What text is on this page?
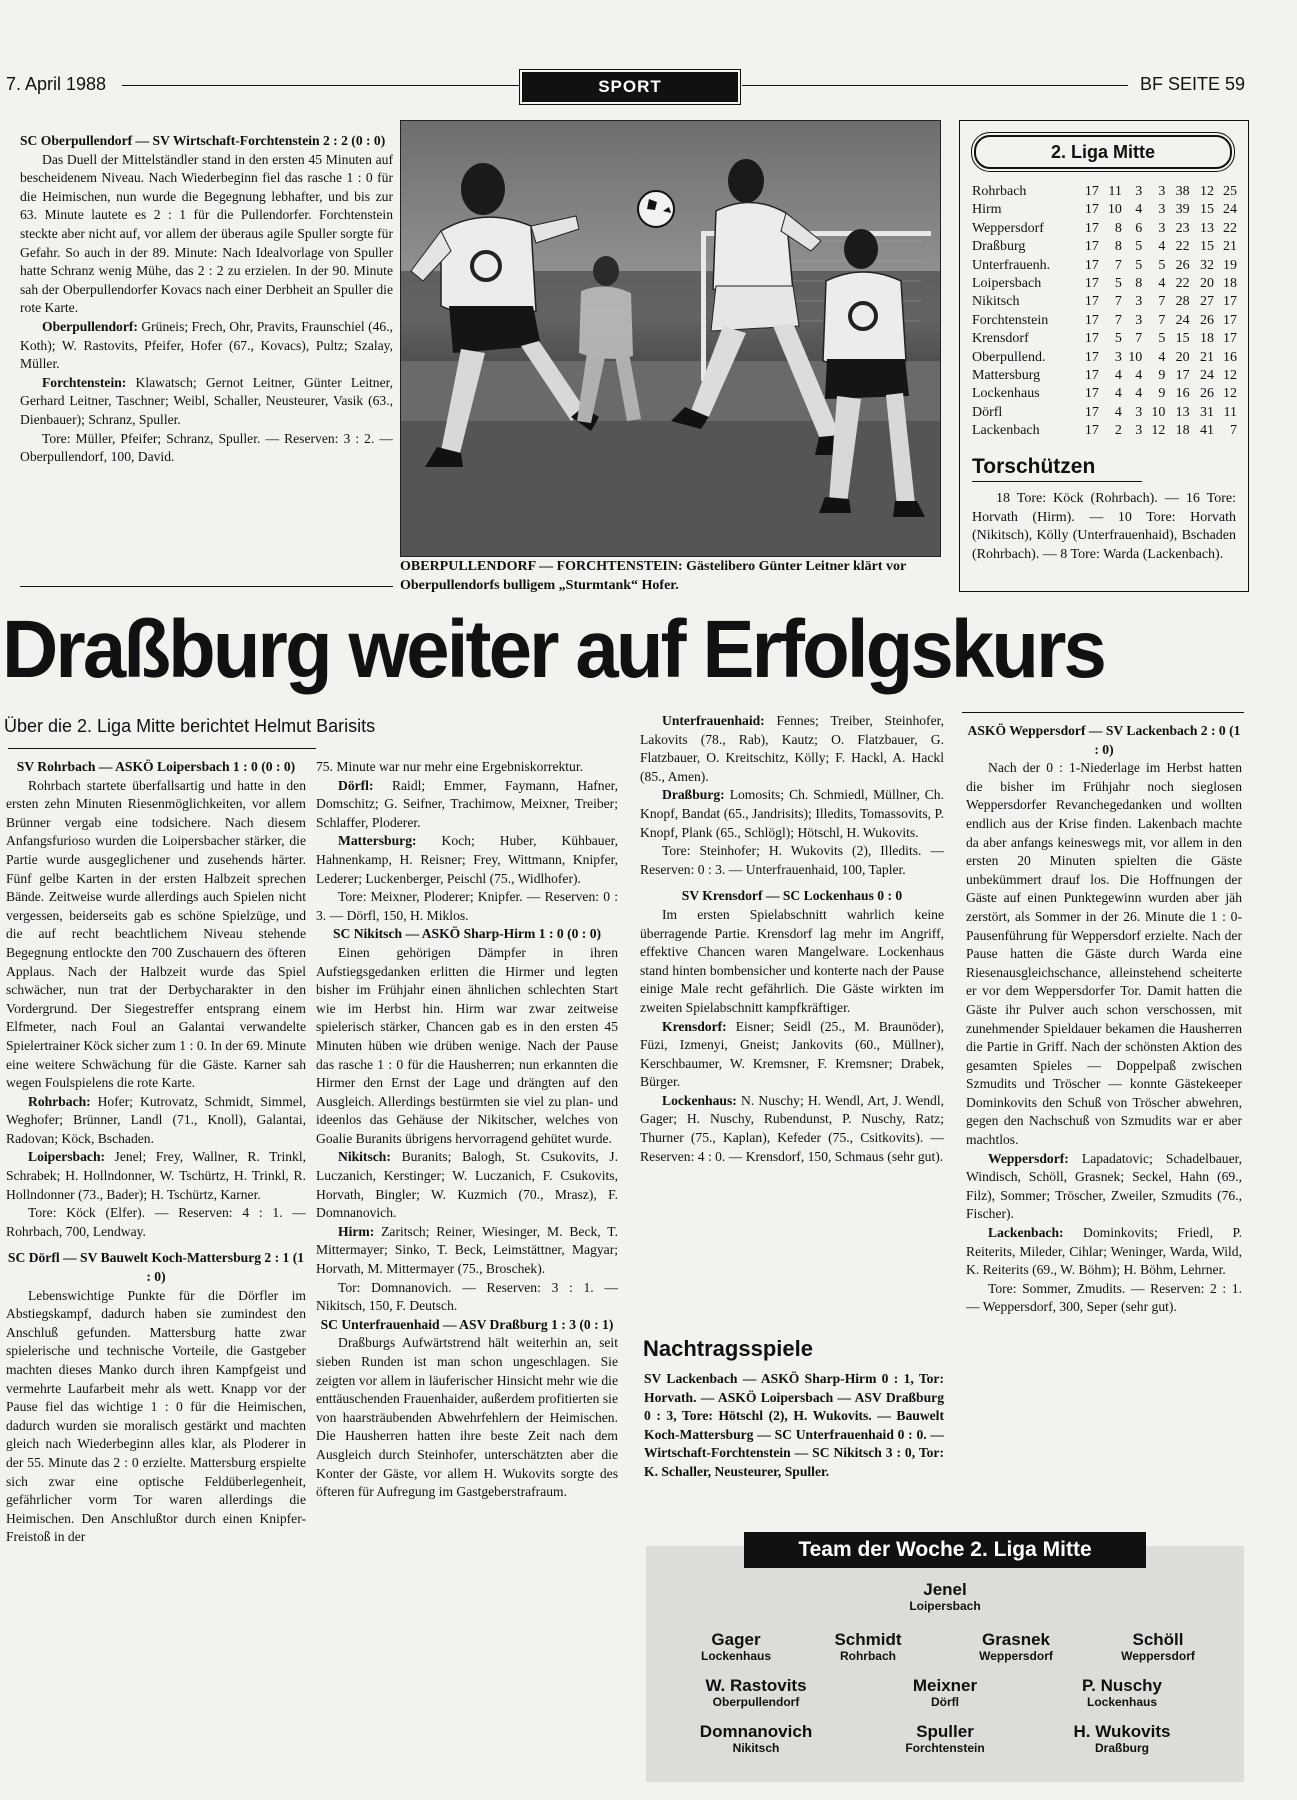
7. April 1988	SPORT	BF SEITE 59

SC Oberpullendorf — SV Wirtschaft-Forchtenstein 2 : 2 (0 : 0)

Das Duell der Mittelständler stand in den ersten 45 Minuten auf bescheidenem Niveau. Nach Wiederbeginn fiel das rasche 1 : 0 für die Heimischen, nun wurde die Begegnung lebhafter, und bis zur 63. Minute lautete es 2 : 1 für die Pullendorfer. Forchtenstein steckte aber nicht auf, vor allem der überaus agile Spuller sorgte für Gefahr. So auch in der 89. Minute: Nach Idealvorlage von Spuller hatte Schranz wenig Mühe, das 2 : 2 zu erzielen. In der 90. Minute sah der Oberpullendorfer Kovacs nach einer Derbheit an Spuller die rote Karte.

Oberpullendorf: Grüneis; Frech, Ohr, Pravits, Fraunschiel (46., Koth); W. Rastovits, Pfeifer, Hofer (67., Kovacs), Pultz; Szalay, Müller.

Forchtenstein: Klawatsch; Gernot Leitner, Günter Leitner, Gerhard Leitner, Taschner; Weibl, Schaller, Neusteurer, Vasik (63., Dienbauer); Schranz, Spuller.

Tore: Müller, Pfeifer; Schranz, Spuller. — Reserven: 3 : 2. — Oberpullendorf, 100, David.

OBERPULLENDORF — FORCHTENSTEIN: Gästelibero Günter Leitner klärt vor Oberpullendorfs bulligem „Sturmtank“ Hofer.
2. Liga Mitte
Rohrbach	17	11	3	3	38	12	25
Hirm	17	10	4	3	39	15	24
Weppersdorf	17	8	6	3	23	13	22
Draßburg	17	8	5	4	22	15	21
Unterfrauenh.	17	7	5	5	26	32	19
Loipersbach	17	5	8	4	22	20	18
Nikitsch	17	7	3	7	28	27	17
Forchtenstein	17	7	3	7	24	26	17
Krensdorf	17	5	7	5	15	18	17
Oberpullend.	17	3	10	4	20	21	16
Mattersburg	17	4	4	9	17	24	12
Lockenhaus	17	4	4	9	16	26	12
Dörfl	17	4	3	10	13	31	11
Lackenbach	17	2	3	12	18	41	7
Torschützen
18 Tore: Köck (Rohrbach). — 16 Tore: Horvath (Hirm). — 10 Tore: Horvath (Nikitsch), Kölly (Unterfrauenhaid), Bschaden (Rohrbach). — 8 Tore: Warda (Lackenbach).
Draßburg weiter auf Erfolgskurs
Über die 2. Liga Mitte berichtet Helmut Barisits

SV Rohrbach — ASKÖ Loipersbach 1 : 0 (0 : 0)

Rohrbach startete überfallsartig und hatte in den ersten zehn Minuten Riesenmöglichkeiten, vor allem Brünner vergab eine todsichere. Nach diesem Anfangsfurioso wurden die Loipersbacher stärker, die Partie wurde ausgeglichener und zusehends härter. Fünf gelbe Karten in der ersten Halbzeit sprechen Bände. Zeitweise wurde allerdings auch Spielen nicht vergessen, beiderseits gab es schöne Spielzüge, und die auf recht beachtlichem Niveau stehende Begegnung entlockte den 700 Zuschauern des öfteren Applaus. Nach der Halbzeit wurde das Spiel schwächer, nun trat der Derbycharakter in den Vordergrund. Der Siegestreffer entsprang einem Elfmeter, nach Foul an Galantai verwandelte Spielertrainer Köck sicher zum 1 : 0. In der 69. Minute eine weitere Schwächung für die Gäste. Karner sah wegen Foulspielens die rote Karte.

Rohrbach: Hofer; Kutrovatz, Schmidt, Simmel, Weghofer; Brünner, Landl (71., Knoll), Galantai, Radovan; Köck, Bschaden.

Loipersbach: Jenel; Frey, Wallner, R. Trinkl, Schrabek; H. Hollndonner, W. Tschürtz, H. Trinkl, R. Hollndonner (73., Bader); H. Tschürtz, Karner.

Tore: Köck (Elfer). — Reserven: 4 : 1. — Rohrbach, 700, Lendway.

SC Dörfl — SV Bauwelt Koch-Mattersburg 2 : 1 (1 : 0)

Lebenswichtige Punkte für die Dörfler im Abstiegskampf, dadurch haben sie zumindest den Anschluß gefunden. Mattersburg hatte zwar spielerische und technische Vorteile, die Gastgeber machten dieses Manko durch ihren Kampfgeist und vermehrte Laufarbeit mehr als wett. Knapp vor der Pause fiel das wichtige 1 : 0 für die Heimischen, dadurch wurden sie moralisch gestärkt und machten gleich nach Wiederbeginn alles klar, als Ploderer in der 55. Minute das 2 : 0 erzielte. Mattersburg erspielte sich zwar eine optische Feldüberlegenheit, gefährlicher vorm Tor waren allerdings die Heimischen. Den Anschlußtor durch einen Knipfer-Freistoß in der

75. Minute war nur mehr eine Ergebniskorrektur.

Dörfl: Raidl; Emmer, Faymann, Hafner, Domschitz; G. Seifner, Trachimow, Meixner, Treiber; Schlaffer, Ploderer.

Mattersburg: Koch; Huber, Kühbauer, Hahnenkamp, H. Reisner; Frey, Wittmann, Knipfer, Lederer; Luckenberger, Peischl (75., Widlhofer).

Tore: Meixner, Ploderer; Knipfer. — Reserven: 0 : 3. — Dörfl, 150, H. Miklos.

SC Nikitsch — ASKÖ Sharp-Hirm 1 : 0 (0 : 0)

Einen gehörigen Dämpfer in ihren Aufstiegsgedanken erlitten die Hirmer und legten bisher im Frühjahr einen ähnlichen schlechten Start wie im Herbst hin. Hirm war zwar zeitweise spielerisch stärker, Chancen gab es in den ersten 45 Minuten hüben wie drüben wenige. Nach der Pause das rasche 1 : 0 für die Hausherren; nun erkannten die Hirmer den Ernst der Lage und drängten auf den Ausgleich. Allerdings bestürmten sie viel zu plan- und ideenlos das Gehäuse der Nikitscher, welches von Goalie Buranits übrigens hervorragend gehütet wurde.

Nikitsch: Buranits; Balogh, St. Csukovits, J. Luczanich, Kerstinger; W. Luczanich, F. Csukovits, Horvath, Bingler; W. Kuzmich (70., Mrasz), F. Domnanovich.

Hirm: Zaritsch; Reiner, Wiesinger, M. Beck, T. Mittermayer; Sinko, T. Beck, Leimstättner, Magyar; Horvath, M. Mittermayer (75., Broschek).

Tor: Domnanovich. — Reserven: 3 : 1. — Nikitsch, 150, F. Deutsch.

SC Unterfrauenhaid — ASV Draßburg 1 : 3 (0 : 1)

Draßburgs Aufwärtstrend hält weiterhin an, seit sieben Runden ist man schon ungeschlagen. Sie zeigten vor allem in läuferischer Hinsicht mehr wie die enttäuschenden Frauenhaider, außerdem profitierten sie von haarsträubenden Abwehrfehlern der Heimischen. Die Hausherren hatten ihre beste Zeit nach dem Ausgleich durch Steinhofer, unterschätzten aber die Konter der Gäste, vor allem H. Wukovits sorgte des öfteren für Aufregung im Gastgeberstrafraum.

Unterfrauenhaid: Fennes; Treiber, Steinhofer, Lakovits (78., Rab), Kautz; O. Flatzbauer, G. Flatzbauer, O. Kreitschitz, Kölly; F. Hackl, A. Hackl (85., Amen).

Draßburg: Lomosits; Ch. Schmiedl, Müllner, Ch. Knopf, Bandat (65., Jandrisits); Illedits, Tomassovits, P. Knopf, Plank (65., Schlögl); Hötschl, H. Wukovits.

Tore: Steinhofer; H. Wukovits (2), Illedits. — Reserven: 0 : 3. — Unterfrauenhaid, 100, Tapler.

SV Krensdorf — SC Lockenhaus 0 : 0

Im ersten Spielabschnitt wahrlich keine überragende Partie. Krensdorf lag mehr im Angriff, effektive Chancen waren Mangelware. Lockenhaus stand hinten bombensicher und konterte nach der Pause einige Male recht gefährlich. Die Gäste wirkten im zweiten Spielabschnitt kampfkräftiger.

Krensdorf: Eisner; Seidl (25., M. Braunöder), Füzi, Izmenyi, Gneist; Jankovits (60., Müllner), Kerschbaumer, W. Kremsner, F. Kremsner; Drabek, Bürger.

Lockenhaus: N. Nuschy; H. Wendl, Art, J. Wendl, Gager; H. Nuschy, Rubendunst, P. Nuschy, Ratz; Thurner (75., Kaplan), Kefeder (75., Csitkovits). — Reserven: 4 : 0. — Krensdorf, 150, Schmaus (sehr gut).

Nachtragsspiele
SV Lackenbach — ASKÖ Sharp-Hirm 0 : 1, Tor: Horvath. — ASKÖ Loipersbach — ASV Draßburg 0 : 3, Tore: Hötschl (2), H. Wukovits. — Bauwelt Koch-Mattersburg — SC Unterfrauenhaid 0 : 0. — Wirtschaft-Forchtenstein — SC Nikitsch 3 : 0, Tor: K. Schaller, Neusteurer, Spuller.

ASKÖ Weppersdorf — SV Lackenbach 2 : 0 (1 : 0)

Nach der 0 : 1-Niederlage im Herbst hatten die bisher im Frühjahr noch sieglosen Weppersdorfer Revanchegedanken und wollten endlich aus der Krise finden. Lakenbach machte da aber anfangs keineswegs mit, vor allem in den ersten 20 Minuten spielten die Gäste unbekümmert drauf los. Die Hoffnungen der Gäste auf einen Punktegewinn wurden aber jäh zerstört, als Sommer in der 26. Minute die 1 : 0-Pausenführung für Weppersdorf erzielte. Nach der Pause hatten die Gäste durch Warda eine Riesenausgleichschance, alleinstehend scheiterte er vor dem Weppersdorfer Tor. Damit hatten die Gäste ihr Pulver auch schon verschossen, mit zunehmender Spieldauer bekamen die Hausherren die Partie in Griff. Nach der schönsten Aktion des gesamten Spieles — Doppelpaß zwischen Szmudits und Tröscher — konnte Gästekeeper Dominkovits den Schuß von Tröscher abwehren, gegen den Nachschuß von Szmudits war er aber machtlos.

Weppersdorf: Lapadatovic; Schadelbauer, Windisch, Schöll, Grasnek; Seckel, Hahn (69., Filz), Sommer; Tröscher, Zweiler, Szmudits (76., Fischer).

Lackenbach: Dominkovits; Friedl, P. Reiterits, Mileder, Cihlar; Weninger, Warda, Wild, K. Reiterits (69., W. Böhm); H. Böhm, Lehrner.

Tore: Sommer, Zmudits. — Reserven: 2 : 1. — Weppersdorf, 300, Seper (sehr gut).

Team der Woche 2. Liga Mitte
Jenel
Loipersbach
Gager
Lockenhaus
Schmidt
Rohrbach
Grasnek
Weppersdorf
Schöll
Weppersdorf
W. Rastovits
Oberpullendorf
Meixner
Dörfl
P. Nuschy
Lockenhaus
Domnanovich
Nikitsch
Spuller
Forchtenstein
H. Wukovits
Draßburg
